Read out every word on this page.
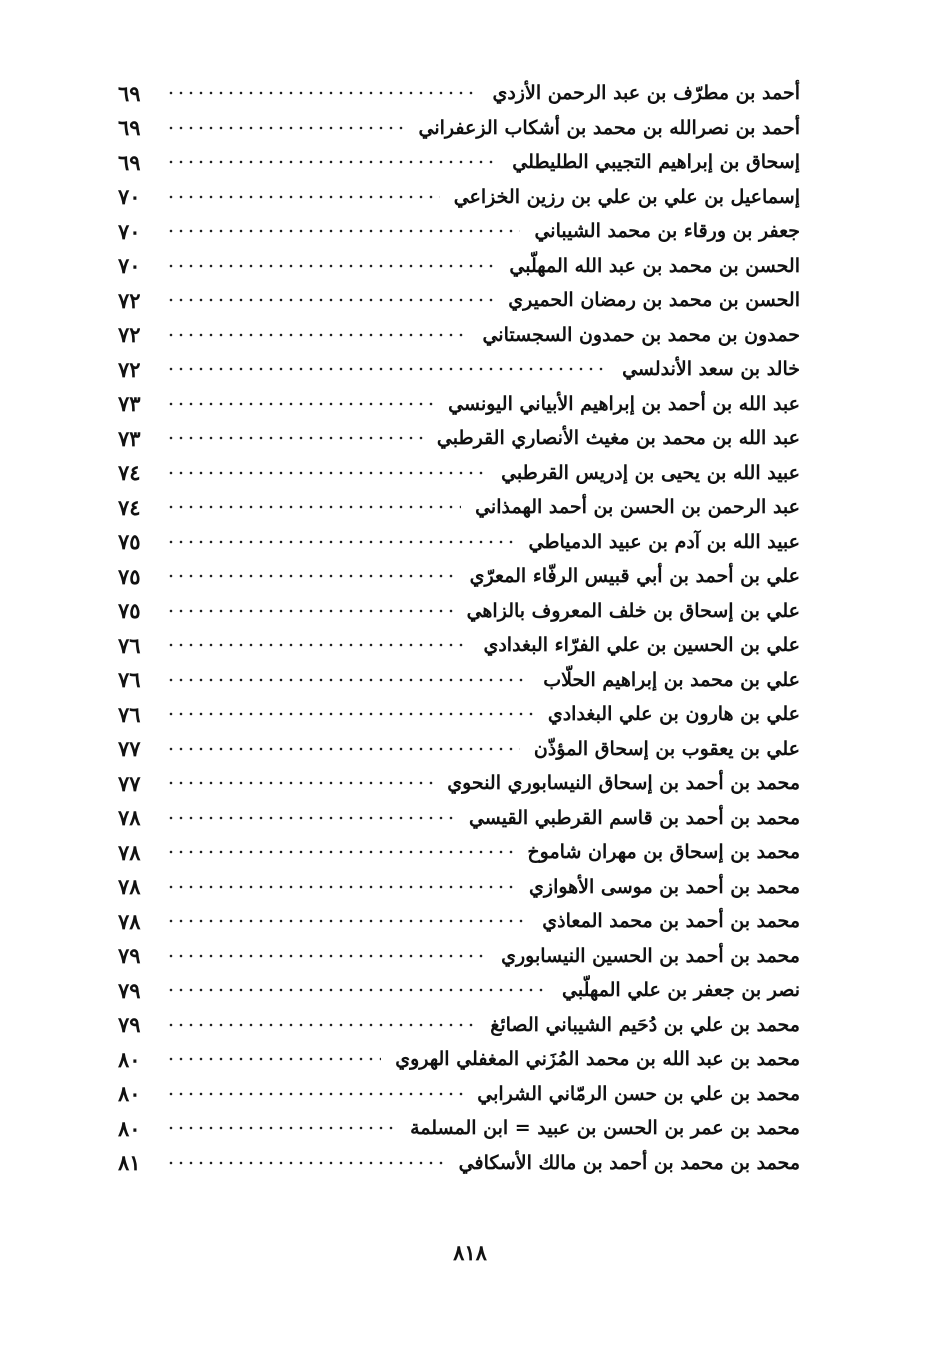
٦٩	أحمد بن مطرّف بن عبد الرحمن الأزدي
٦٩	أحمد بن نصرالله بن محمد بن أشكاب الزعفراني
٦٩	إسحاق بن إبراهيم التجيبي الطليطلي
٧٠	إسماعيل بن علي بن علي بن رزين الخزاعي
٧٠	جعفر بن ورقاء بن محمد الشيباني
٧٠	الحسن بن محمد بن عبد الله المهلّبي
٧٢	الحسن بن محمد بن رمضان الحميري
٧٢	حمدون بن محمد بن حمدون السجستاني
٧٢	خالد بن سعد الأندلسي
٧٣	عبد الله بن أحمد بن إبراهيم الأبياني اليونسي
٧٣	عبد الله بن محمد بن مغيث الأنصاري القرطبي
٧٤	عبيد الله بن يحيى بن إدريس القرطبي
٧٤	عبد الرحمن بن الحسن بن أحمد الهمذاني
٧٥	عبيد الله بن آدم بن عبيد الدمياطي
٧٥	علي بن أحمد بن أبي قبيس الرفّاء المعرّي
٧٥	علي بن إسحاق بن خلف المعروف بالزاهي
٧٦	علي بن الحسين بن علي الفرّاء البغدادي
٧٦	علي بن محمد بن إبراهيم الحلّاب
٧٦	علي بن هارون بن علي البغدادي
٧٧	علي بن يعقوب بن إسحاق المؤذّن
٧٧	محمد بن أحمد بن إسحاق النيسابوري النحوي
٧٨	محمد بن أحمد بن قاسم القرطبي القيسي
٧٨	محمد بن إسحاق بن مهران شاموخ
٧٨	محمد بن أحمد بن موسى الأهوازي
٧٨	محمد بن أحمد بن محمد المعاذي
٧٩	محمد بن أحمد بن الحسين النيسابوري
٧٩	نصر بن جعفر بن علي المهلّبي
٧٩	محمد بن علي بن دُحَيم الشيباني الصائغ
٨٠	محمد بن عبد الله بن محمد المُزَني المغفلي الهروي
٨٠	محمد بن علي بن حسن الرمّاني الشرابي
٨٠	محمد بن عمر بن الحسن بن عبيد = ابن المسلمة
٨١	محمد بن محمد بن أحمد بن مالك الأسكافي
٨١٨
